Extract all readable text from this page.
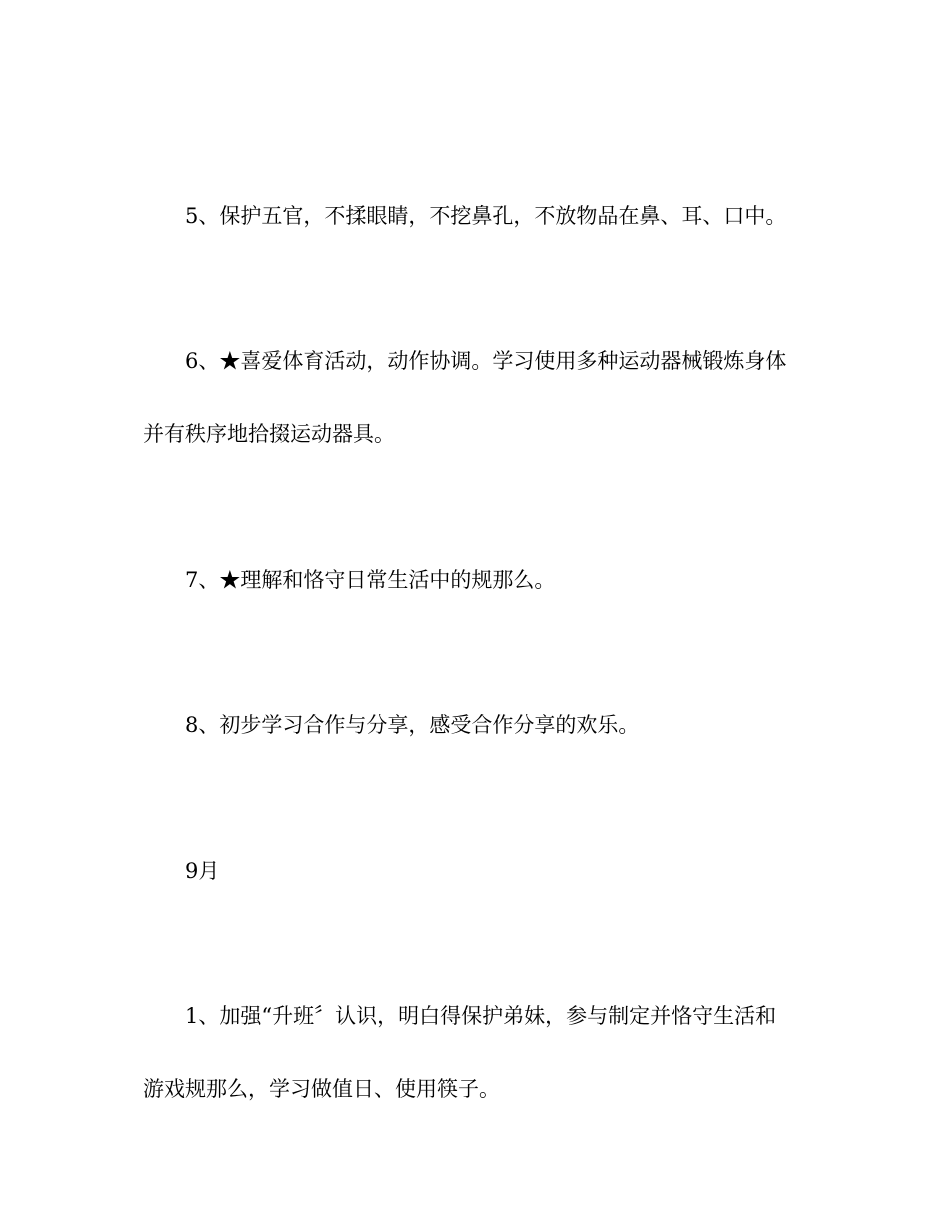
5、保护五官，不揉眼睛，不挖鼻孔，不放物品在鼻、耳、口中。
6、★喜爱体育活动，动作协调。学习使用多种运动器械锻炼身体
并有秩序地拾掇运动器具。
7、★理解和恪守日常生活中的规那么。
8、初步学习合作与分享，感受合作分享的欢乐。
9月
1、加强“升班〞认识，明白得保护弟妹，参与制定并恪守生活和
游戏规那么，学习做值日、使用筷子。
